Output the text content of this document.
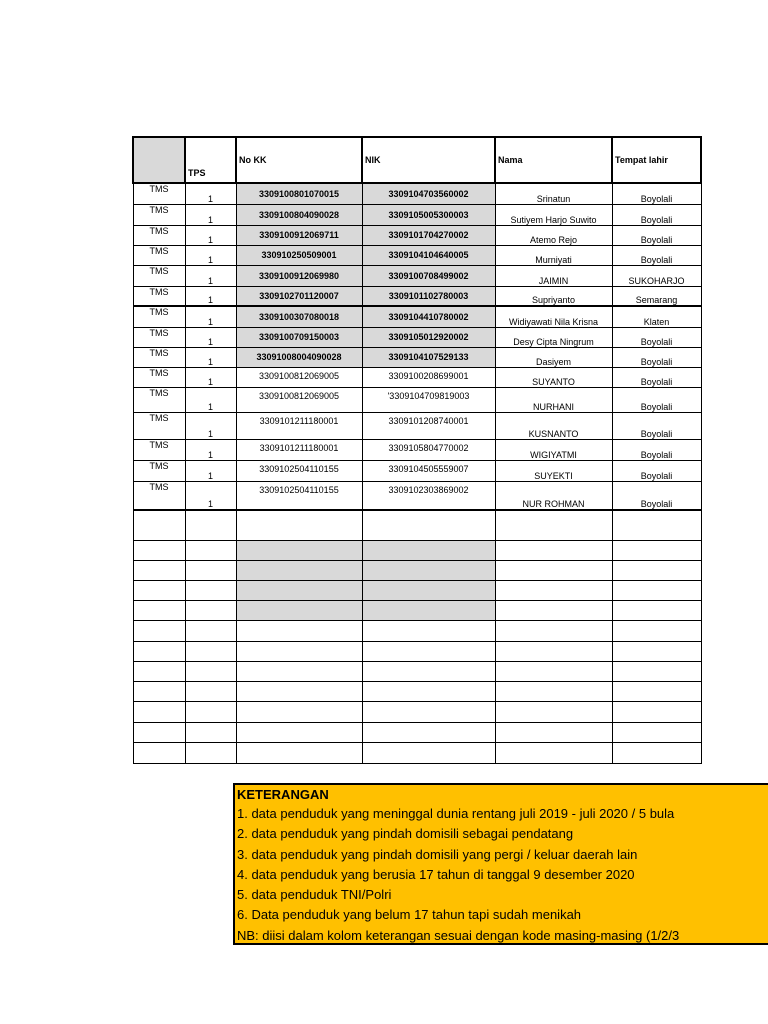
	TPS	No KK	NIK	Nama	Tempat lahir
TMS	1	3309100801070015	3309104703560002	Srinatun	Boyolali
TMS	1	3309100804090028	3309105005300003	Sutiyem Harjo Suwito	Boyolali
TMS	1	3309100912069711	3309101704270002	Atemo Rejo	Boyolali
TMS	1	330910250509001	3309104104640005	Murniyati	Boyolali
TMS	1	3309100912069980	3309100708499002	JAIMIN	SUKOHARJO
TMS	1	3309102701120007	3309101102780003	Supriyanto	Semarang
TMS	1	3309100307080018	3309104410780002	Widiyawati Nila Krisna	Klaten
TMS	1	3309100709150003	3309105012920002	Desy Cipta Ningrum	Boyolali
TMS	1	33091008004090028	3309104107529133	Dasiyem	Boyolali
TMS	1	3309100812069005	3309100208699001	SUYANTO	Boyolali
TMS	1	3309100812069005	'3309104709819003	NURHANI	Boyolali
TMS	1	3309101211180001	3309101208740001	KUSNANTO	Boyolali
TMS	1	3309101211180001	3309105804770002	WIGIYATMI	Boyolali
TMS	1	3309102504110155	3309104505559007	SUYEKTI	Boyolali
TMS	1	3309102504110155	3309102303869002	NUR ROHMAN	Boyolali

KETERANGAN
1. data penduduk yang meninggal dunia rentang juli 2019 - juli 2020 / 5 bula
2. data penduduk yang pindah domisili sebagai pendatang
3. data penduduk yang pindah domisili yang pergi / keluar daerah lain
4. data penduduk yang berusia 17 tahun di tanggal 9 desember 2020
5. data penduduk TNI/Polri
6. Data penduduk yang belum 17 tahun tapi sudah menikah
NB: diisi dalam kolom keterangan sesuai dengan kode masing-masing (1/2/3
